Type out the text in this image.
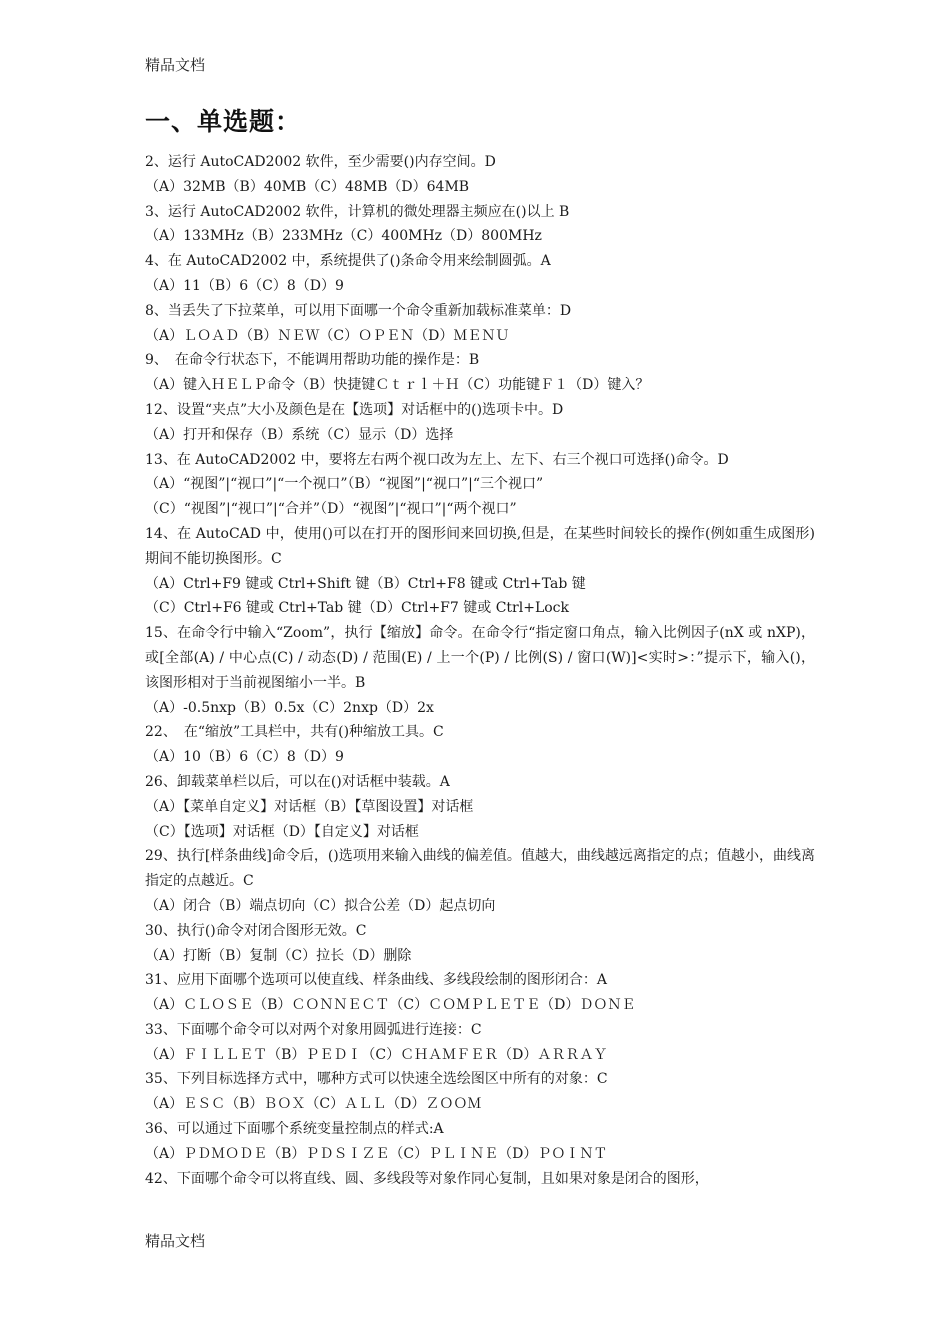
精品文档
一、单选题：
2、运行 AutoCAD2002 软件，至少需要()内存空间。D
（A）32MB（B）40MB（C）48MB（D）64MB
3、运行 AutoCAD2002 软件，计算机的微处理器主频应在()以上 B
（A）133MHz（B）233MHz（C）400MHz（D）800MHz
4、在 AutoCAD2002 中，系统提供了()条命令用来绘制圆弧。A
（A）11（B）6（C）8（D）9
8、当丢失了下拉菜单，可以用下面哪一个命令重新加载标准菜单：D
（A）ＬＯＡＤ（B）ＮＥＷ（C）ＯＰＥＮ（D）ＭＥＮＵ
9、　在命令行状态下，不能调用帮助功能的操作是：B
（A）键入ＨＥＬＰ命令（B）快捷键Ｃｔｒｌ＋Ｈ（C）功能键Ｆ１（D）键入？
12、设置“夹点”大小及颜色是在【选项】对话框中的()选项卡中。D
（A）打开和保存（B）系统（C）显示（D）选择
13、在 AutoCAD2002 中，要将左右两个视口改为左上、左下、右三个视口可选择()命令。D
（A）“视图”|“视口”|“一个视口”（B）“视图”|“视口”|“三个视口”
（C）“视图”|“视口”|“合并”（D）“视图”|“视口”|“两个视口”
14、在 AutoCAD 中，使用()可以在打开的图形间来回切换,但是，在某些时间较长的操作(例如重生成图形)期间不能切换图形。C
（A）Ctrl+F9 键或 Ctrl+Shift 键（B）Ctrl+F8 键或 Ctrl+Tab 键
（C）Ctrl+F6 键或 Ctrl+Tab 键（D）Ctrl+F7 键或 Ctrl+Lock
15、在命令行中输入“Zoom”，执行【缩放】命令。在命令行“指定窗口角点，输入比例因子(nX 或 nXP)，或[全部(A) / 中心点(C) / 动态(D) / 范围(E) / 上一个(P) / 比例(S) / 窗口(W)]<实时>：”提示下，输入()，该图形相对于当前视图缩小一半。B
（A）-0.5nxp（B）0.5x（C）2nxp（D）2x
22、　在“缩放”工具栏中，共有()种缩放工具。C
（A）10（B）6（C）8（D）9
26、卸载菜单栏以后，可以在()对话框中装载。A
（A）【菜单自定义】对话框（B）【草图设置】对话框
（C）【选项】对话框（D）【自定义】对话框
29、执行[样条曲线]命令后，()选项用来输入曲线的偏差值。值越大，曲线越远离指定的点；值越小，曲线离指定的点越近。C
（A）闭合（B）端点切向（C）拟合公差（D）起点切向
30、执行()命令对闭合图形无效。C
（A）打断（B）复制（C）拉长（D）删除
31、应用下面哪个选项可以使直线、样条曲线、多线段绘制的图形闭合：A
（A）ＣＬＯＳＥ（B）ＣＯＮＮＥＣＴ（C）ＣＯＭＰＬＥＴＥ（D）ＤＯＮＥ
33、下面哪个命令可以对两个对象用圆弧进行连接：C
（A）ＦＩＬＬＥＴ（B）ＰＥＤＩ（C）ＣＨＡＭＦＥＲ（D）ＡＲＲＡＹ
35、下列目标选择方式中，哪种方式可以快速全选绘图区中所有的对象：C
（A）ＥＳＣ（B）ＢＯＸ（C）ＡＬＬ（D）ＺＯＯＭ
36、可以通过下面哪个系统变量控制点的样式:A
（A）ＰＤＭＯＤＥ（B）ＰＤＳＩＺＥ（C）ＰＬＩＮＥ（D）ＰＯＩＮＴ
42、下面哪个命令可以将直线、圆、多线段等对象作同心复制，且如果对象是闭合的图形，
精品文档
